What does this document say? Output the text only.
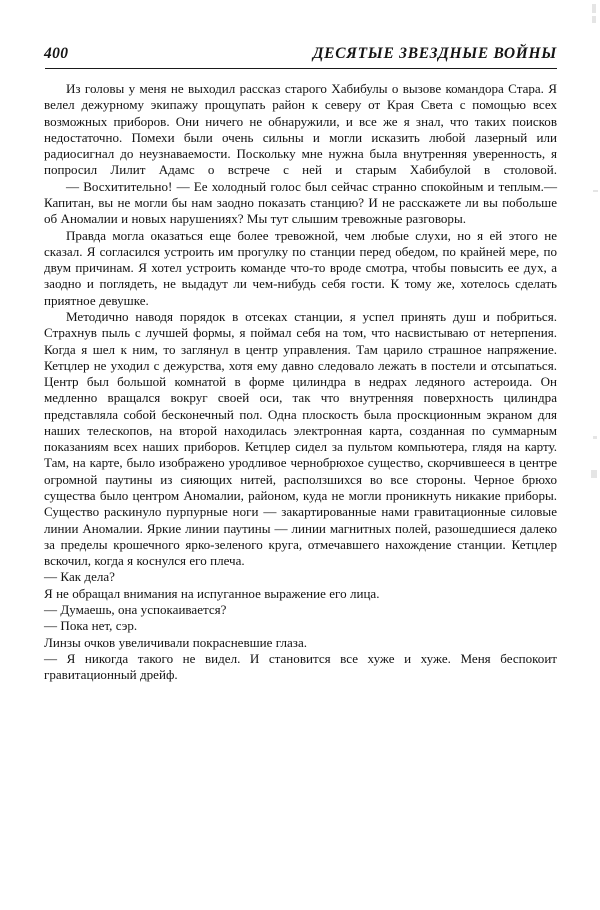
400	ДЕСЯТЫЕ ЗВЕЗДНЫЕ ВОЙНЫ

Из головы у меня не выходил рассказ старого Хабибулы о вызове командора Стара. Я велел дежурному экипажу прощупать район к северу от Края Света с помощью всех возможных приборов. Они ничего не обнаружили, и все же я знал, что таких поисков недостаточно. Помехи были очень сильны и могли исказить любой лазерный или радиосигнал до неузнаваемости. Поскольку мне нужна была внутренняя уверенность, я попросил Лилит Адамс о встрече с ней и старым Хабибулой в столовой.

— Восхитительно! — Ее холодный голос был сейчас странно спокойным и теплым.— Капитан, вы не могли бы нам заодно показать станцию? И не расскажете ли вы побольше об Аномалии и новых нарушениях? Мы тут слышим тревожные разговоры.

Правда могла оказаться еще более тревожной, чем любые слухи, но я ей этого не сказал. Я согласился устроить им прогулку по станции перед обедом, по крайней мере, по двум причинам. Я хотел устроить команде что-то вроде смотра, чтобы повысить ее дух, а заодно и поглядеть, не выдадут ли чем-нибудь себя гости. К тому же, хотелось сделать приятное девушке.

Методично наводя порядок в отсеках станции, я успел принять душ и побриться. Страхнув пыль с лучшей формы, я поймал себя на том, что насвистываю от нетерпения. Когда я шел к ним, то заглянул в центр управления. Там царило страшное напряжение. Кетцлер не уходил с дежурства, хотя ему давно следовало лежать в постели и отсыпаться. Центр был большой комнатой в форме цилиндра в недрах ледяного астероида. Он медленно вращался вокруг своей оси, так что внутренняя поверхность цилиндра представляла собой бесконечный пол. Одна плоскость была проскционным экраном для наших телескопов, на второй находилась электронная карта, созданная по суммарным показаниям всех наших приборов. Кетцлер сидел за пультом компьютера, глядя на карту. Там, на карте, было изображено уродливое чернобрюхое существо, скорчившееся в центре огромной паутины из сияющих нитей, расползшихся во все стороны. Черное брюхо существа было центром Аномалии, районом, куда не могли проникнуть никакие приборы. Существо раскинуло пурпурные ноги — закартированные нами гравитационные силовые линии Аномалии. Яркие линии паутины — линии магнитных полей, разошедшиеся далеко за пределы крошечного ярко-зеленого круга, отмечавшего нахождение станции. Кетцлер вскочил, когда я коснулся его плеча.

— Как дела?

Я не обращал внимания на испуганное выражение его лица.

— Думаешь, она успокаивается?

— Пока нет, сэр.

Линзы очков увеличивали покрасневшие глаза.

— Я никогда такого не видел. И становится все хуже и хуже. Меня беспокоит гравитационный дрейф.
